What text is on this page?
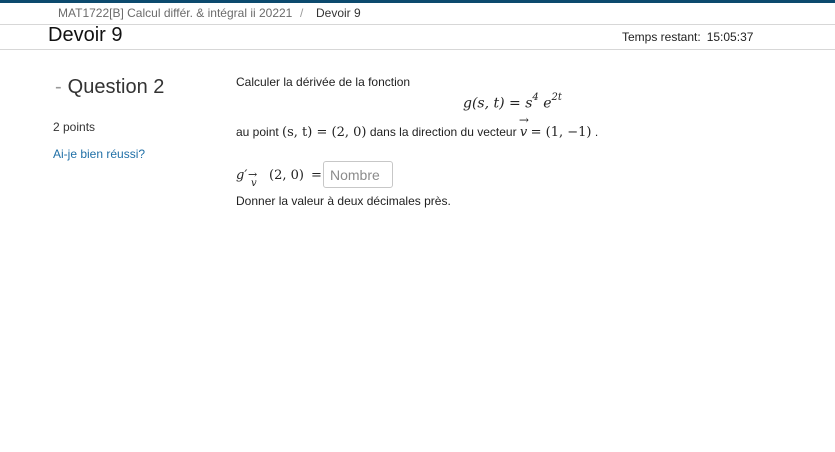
MAT1722[B] Calcul différ. & intégral ii 20221 / Devoir 9
Devoir 9	Temps restant: 15:05:37
- Question 2
2 points
Ai-je bien réussi?
Calculer la dérivée de la fonction
g(s, $t) = s^4$ $e^{2t}$
au point (s, t) = (2, 0) dans la direction du vecteur
→
v = (1, −1) .
g′ →
v
(2, 0) =
Nombre
Donner la valeur à deux décimales près.
